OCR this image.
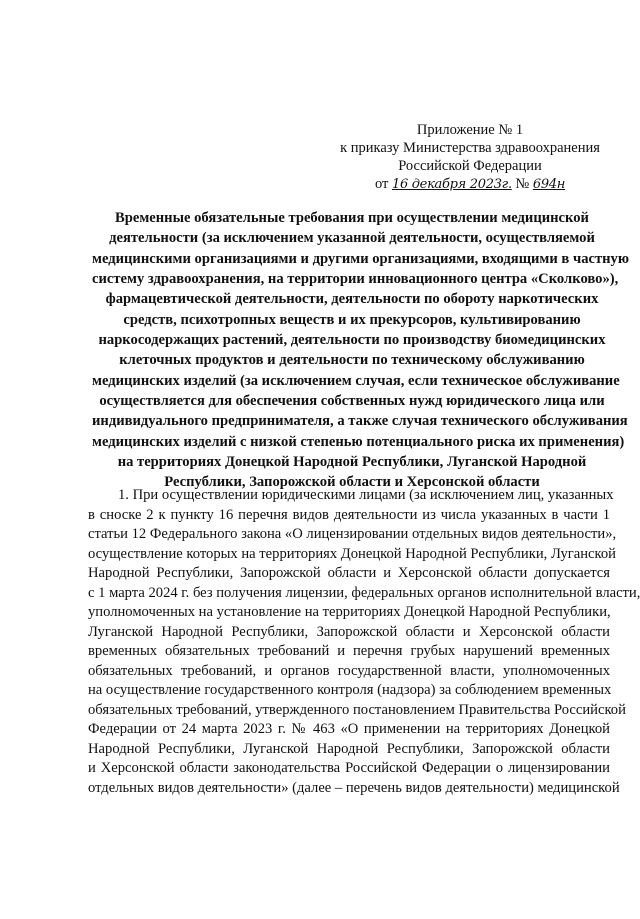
Приложение № 1
к приказу Министерства здравоохранения
Российской Федерации
от 16 декабря 2023г. № 694н
Временные обязательные требования при осуществлении медицинской
деятельности (за исключением указанной деятельности, осуществляемой
медицинскими организациями и другими организациями, входящими в частную
систему здравоохранения, на территории инновационного центра «Сколково»),
фармацевтической деятельности, деятельности по обороту наркотических
средств, психотропных веществ и их прекурсоров, культивированию
наркосодержащих растений, деятельности по производству биомедицинских
клеточных продуктов и деятельности по техническому обслуживанию
медицинских изделий (за исключением случая, если техническое обслуживание
осуществляется для обеспечения собственных нужд юридического лица или
индивидуального предпринимателя, а также случая технического обслуживания
медицинских изделий с низкой степенью потенциального риска их применения)
на территориях Донецкой Народной Республики, Луганской Народной
Республики, Запорожской области и Херсонской области
1. При осуществлении юридическими лицами (за исключением лиц, указанных
в сноске 2 к пункту 16 перечня видов деятельности из числа указанных в части 1
статьи 12 Федерального закона «О лицензировании отдельных видов деятельности»,
осуществление которых на территориях Донецкой Народной Республики, Луганской
Народной Республики, Запорожской области и Херсонской области допускается
с 1 марта 2024 г. без получения лицензии, федеральных органов исполнительной власти,
уполномоченных на установление на территориях Донецкой Народной Республики,
Луганской Народной Республики, Запорожской области и Херсонской области
временных обязательных требований и перечня грубых нарушений временных
обязательных требований, и органов государственной власти, уполномоченных
на осуществление государственного контроля (надзора) за соблюдением временных
обязательных требований, утвержденного постановлением Правительства Российской
Федерации от 24 марта 2023 г. № 463 «О применении на территориях Донецкой
Народной Республики, Луганской Народной Республики, Запорожской области
и Херсонской области законодательства Российской Федерации о лицензировании
отдельных видов деятельности» (далее – перечень видов деятельности) медицинской
